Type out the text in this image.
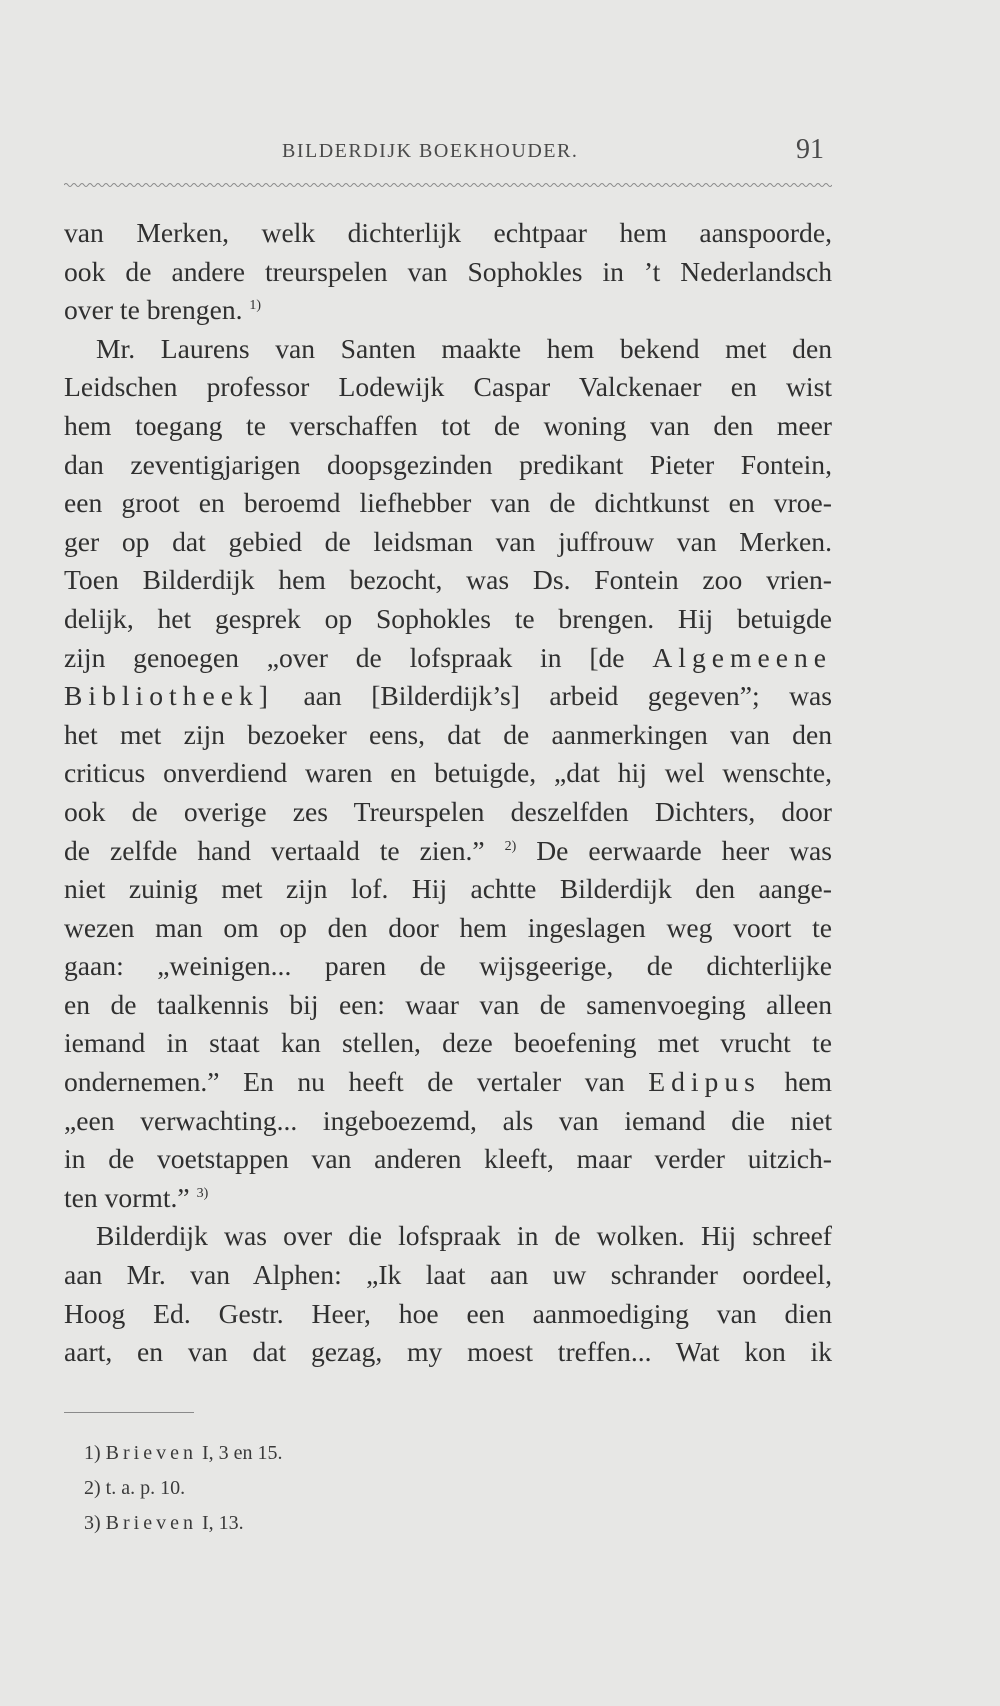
BILDERDIJK BOEKHOUDER.	91
van Merken, welk dichterlijk echtpaar hem aanspoorde,
ook de andere treurspelen van Sophokles in ’t Nederlandsch
over te brengen. $^{1)}$
Mr. Laurens van Santen maakte hem bekend met den
Leidschen professor Lodewijk Caspar Valckenaer en wist
hem toegang te verschaffen tot de woning van den meer
dan zeventigjarigen doopsgezinden predikant Pieter Fontein,
een groot en beroemd liefhebber van de dichtkunst en vroe-
ger op dat gebied de leidsman van juffrouw van Merken.
Toen Bilderdijk hem bezocht, was Ds. Fontein zoo vrien-
delijk, het gesprek op Sophokles te brengen. Hij betuigde
zijn genoegen „over de lofspraak in [de Algemeene
Bibliotheek] aan [Bilderdijk’s] arbeid gegeven”; was
het met zijn bezoeker eens, dat de aanmerkingen van den
criticus onverdiend waren en betuigde, „dat hij wel wenschte,
ook de overige zes Treurspelen deszelfden Dichters, door
de zelfde hand vertaald te zien.” $^{2)}$ De eerwaarde heer was
niet zuinig met zijn lof. Hij achtte Bilderdijk den aange-
wezen man om op den door hem ingeslagen weg voort te
gaan: „weinigen... paren de wijsgeerige, de dichterlijke
en de taalkennis bij een: waar van de samenvoeging alleen
iemand in staat kan stellen, deze beoefening met vrucht te
ondernemen.” En nu heeft de vertaler van Edipus hem
„een verwachting... ingeboezemd, als van iemand die niet
in de voetstappen van anderen kleeft, maar verder uitzich-
ten vormt.” $^{3)}$
Bilderdijk was over die lofspraak in de wolken. Hij schreef
aan Mr. van Alphen: „Ik laat aan uw schrander oordeel,
Hoog Ed. Gestr. Heer, hoe een aanmoediging van dien
aart, en van dat gezag, my moest treffen... Wat kon ik
1) Brieven I, 3 en 15.
2) t. a. p. 10.
3) Brieven I, 13.
